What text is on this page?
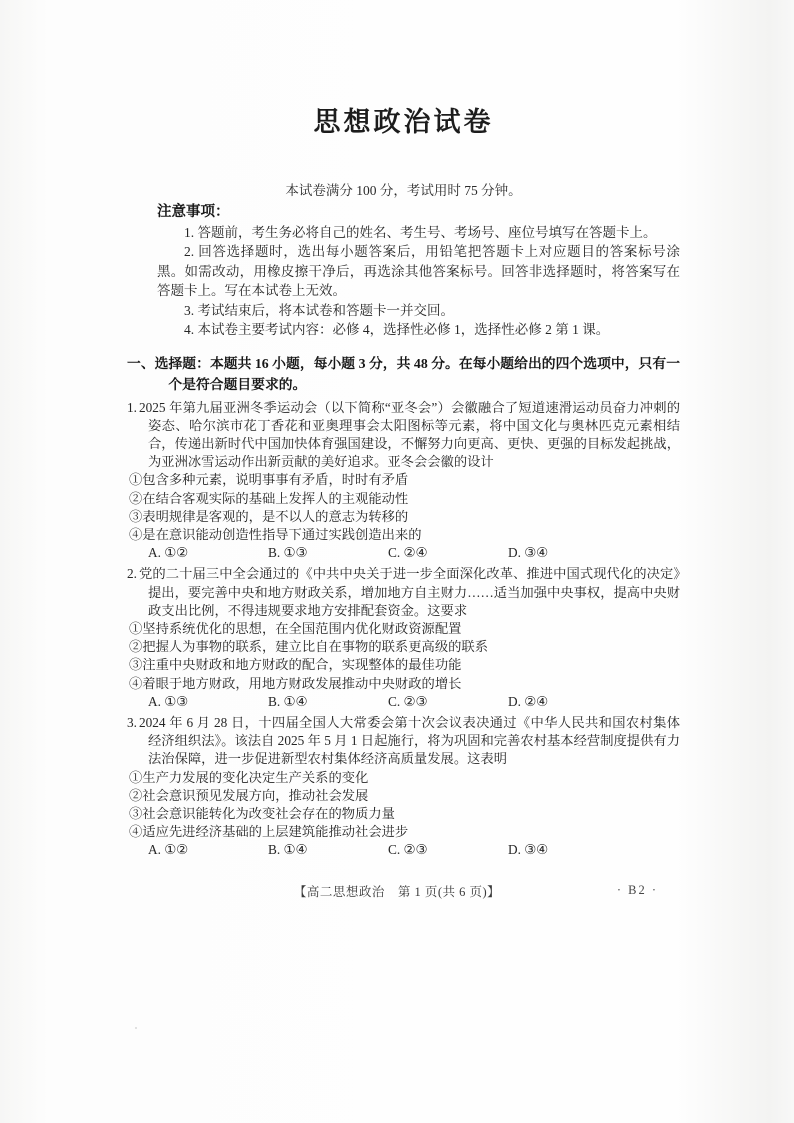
思想政治试卷

本试卷满分 100 分，考试用时 75 分钟。

注意事项：

1. 答题前，考生务必将自己的姓名、考生号、考场号、座位号填写在答题卡上。

2. 回答选择题时，选出每小题答案后，用铅笔把答题卡上对应题目的答案标号涂黑。如需改动，用橡皮擦干净后，再选涂其他答案标号。回答非选择题时，将答案写在答题卡上。写在本试卷上无效。

3. 考试结束后，将本试卷和答题卡一并交回。

4. 本试卷主要考试内容：必修 4，选择性必修 1，选择性必修 2 第 1 课。

一、选择题：本题共 16 小题，每小题 3 分，共 48 分。在每小题给出的四个选项中，只有一个是符合题目要求的。

1. 2025 年第九届亚洲冬季运动会（以下简称“亚冬会”）会徽融合了短道速滑运动员奋力冲刺的姿态、哈尔滨市花丁香花和亚奥理事会太阳图标等元素，将中国文化与奥林匹克元素相结合，传递出新时代中国加快体育强国建设，不懈努力向更高、更快、更强的目标发起挑战，为亚洲冰雪运动作出新贡献的美好追求。亚冬会会徽的设计

①包含多种元素，说明事事有矛盾，时时有矛盾

②在结合客观实际的基础上发挥人的主观能动性

③表明规律是客观的，是不以人的意志为转移的

④是在意识能动创造性指导下通过实践创造出来的

A. ①②	B. ①③	C. ②④	D. ③④

2. 党的二十届三中全会通过的《中共中央关于进一步全面深化改革、推进中国式现代化的决定》提出，要完善中央和地方财政关系，增加地方自主财力……适当加强中央事权，提高中央财政支出比例，不得违规要求地方安排配套资金。这要求

①坚持系统优化的思想，在全国范围内优化财政资源配置

②把握人为事物的联系，建立比自在事物的联系更高级的联系

③注重中央财政和地方财政的配合，实现整体的最佳功能

④着眼于地方财政，用地方财政发展推动中央财政的增长

A. ①③	B. ①④	C. ②③	D. ②④

3. 2024 年 6 月 28 日，十四届全国人大常委会第十次会议表决通过《中华人民共和国农村集体经济组织法》。该法自 2025 年 5 月 1 日起施行，将为巩固和完善农村基本经营制度提供有力法治保障，进一步促进新型农村集体经济高质量发展。这表明

①生产力发展的变化决定生产关系的变化

②社会意识预见发展方向，推动社会发展

③社会意识能转化为改变社会存在的物质力量

④适应先进经济基础的上层建筑能推动社会进步

A. ①②	B. ①④	C. ②③	D. ③④
【高二思想政治　第 1 页(共 6 页)】	· B2 ·
